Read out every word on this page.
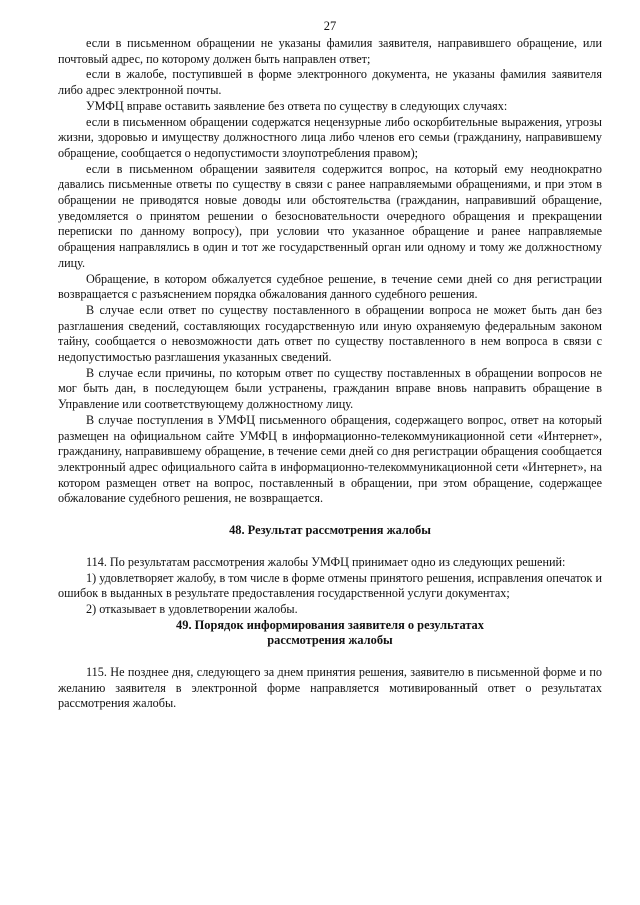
27

если в письменном обращении не указаны фамилия заявителя, направившего обращение, или почтовый адрес, по которому должен быть направлен ответ;

если в жалобе, поступившей в форме электронного документа, не указаны фамилия заявителя либо адрес электронной почты.

УМФЦ вправе оставить заявление без ответа по существу в следующих случаях:

если в письменном обращении содержатся нецензурные либо оскорбительные выражения, угрозы жизни, здоровью и имуществу должностного лица либо членов его семьи (гражданину, направившему обращение, сообщается о недопустимости злоупотребления правом);

если в письменном обращении заявителя содержится вопрос, на который ему неоднократно давались письменные ответы по существу в связи с ранее направляемыми обращениями, и при этом в обращении не приводятся новые доводы или обстоятельства (гражданин, направивший обращение, уведомляется о принятом решении о безосновательности очередного обращения и прекращении переписки по данному вопросу), при условии что указанное обращение и ранее направляемые обращения направлялись в один и тот же государственный орган или одному и тому же должностному лицу.

Обращение, в котором обжалуется судебное решение, в течение семи дней со дня регистрации возвращается с разъяснением порядка обжалования данного судебного решения.

В случае если ответ по существу поставленного в обращении вопроса не может быть дан без разглашения сведений, составляющих государственную или иную охраняемую федеральным законом тайну, сообщается о невозможности дать ответ по существу поставленного в нем вопроса в связи с недопустимостью разглашения указанных сведений.

В случае если причины, по которым ответ по существу поставленных в обращении вопросов не мог быть дан, в последующем были устранены, гражданин вправе вновь направить обращение в Управление или соответствующему должностному лицу.

В случае поступления в УМФЦ письменного обращения, содержащего вопрос, ответ на который размещен на официальном сайте УМФЦ в информационно-телекоммуникационной сети «Интернет», гражданину, направившему обращение, в течение семи дней со дня регистрации обращения сообщается электронный адрес официального сайта в информационно-телекоммуникационной сети «Интернет», на котором размещен ответ на вопрос, поставленный в обращении, при этом обращение, содержащее обжалование судебного решения, не возвращается.

48. Результат рассмотрения жалобы

114. По результатам рассмотрения жалобы УМФЦ принимает одно из следующих решений:

1) удовлетворяет жалобу, в том числе в форме отмены принятого решения, исправления опечаток и ошибок в выданных в результате предоставления государственной услуги документах;

2) отказывает в удовлетворении жалобы.

49. Порядок информирования заявителя о результатах

рассмотрения жалобы

115. Не позднее дня, следующего за днем принятия решения, заявителю в письменной форме и по желанию заявителя в электронной форме направляется мотивированный ответ о результатах рассмотрения жалобы.
